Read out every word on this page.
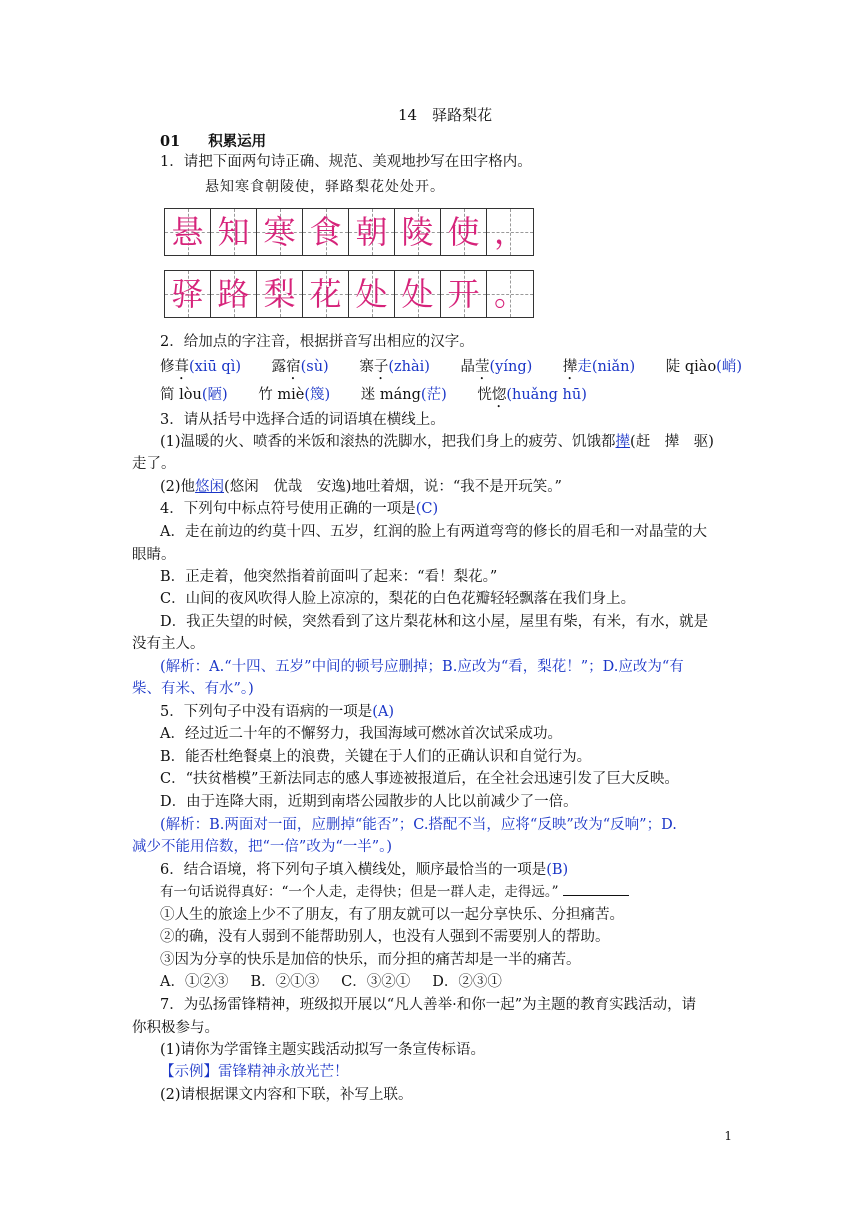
14　驿路梨花
01 积累运用
1．请把下面两句诗正确、规范、美观地抄写在田字格内。
悬知寒食朝陵使，驿路梨花处处开。
悬 知 寒 食 朝 陵 使 ，
驿 路 梨 花 处 处 开 。
2．给加点的字注音，根据拼音写出相应的汉字。
修葺(xiū qì) 露宿(sù) 寨子(zhài) 晶莹(yíng) 撵走(niǎn) 陡 qiào(峭)
简 lòu(陋) 竹 miè(篾) 迷 máng(茫) 恍惚(huǎng hū)
3．请从括号中选择合适的词语填在横线上。
(1)温暖的火、喷香的米饭和滚热的洗脚水，把我们身上的疲劳、饥饿都撵(赶　撵　驱)
走了。
(2)他悠闲(悠闲　优哉　安逸)地吐着烟，说：“我不是开玩笑。”
4．下列句中标点符号使用正确的一项是(C)
A．走在前边的约莫十四、五岁，红润的脸上有两道弯弯的修长的眉毛和一对晶莹的大
眼睛。
B．正走着，他突然指着前面叫了起来：“看！梨花。”
C．山间的夜风吹得人脸上凉凉的，梨花的白色花瓣轻轻飘落在我们身上。
D．我正失望的时候，突然看到了这片梨花林和这小屋，屋里有柴，有米，有水，就是
没有主人。
(解析：A.“十四、五岁”中间的顿号应删掉；B.应改为“看，梨花！”；D.应改为“有
柴、有米、有水”。)
5．下列句子中没有语病的一项是(A)
A．经过近二十年的不懈努力，我国海域可燃冰首次试采成功。
B．能否杜绝餐桌上的浪费，关键在于人们的正确认识和自觉行为。
C．“扶贫楷模”王新法同志的感人事迹被报道后，在全社会迅速引发了巨大反映。
D．由于连降大雨，近期到南塔公园散步的人比以前减少了一倍。
(解析：B.两面对一面，应删掉“能否”；C.搭配不当，应将“反映”改为“反响”；D.
减少不能用倍数，把“一倍”改为“一半”。)
6．结合语境，将下列句子填入横线处，顺序最恰当的一项是(B)
有一句话说得真好：“一个人走，走得快；但是一群人走，走得远。”
①人生的旅途上少不了朋友，有了朋友就可以一起分享快乐、分担痛苦。
②的确，没有人弱到不能帮助别人，也没有人强到不需要别人的帮助。
③因为分享的快乐是加倍的快乐，而分担的痛苦却是一半的痛苦。
A．①②③ B．②①③ C．③②① D．②③①
7．为弘扬雷锋精神，班级拟开展以“凡人善举·和你一起”为主题的教育实践活动，请
你积极参与。
(1)请你为学雷锋主题实践活动拟写一条宣传标语。
【示例】雷锋精神永放光芒！
(2)请根据课文内容和下联，补写上联。
1
